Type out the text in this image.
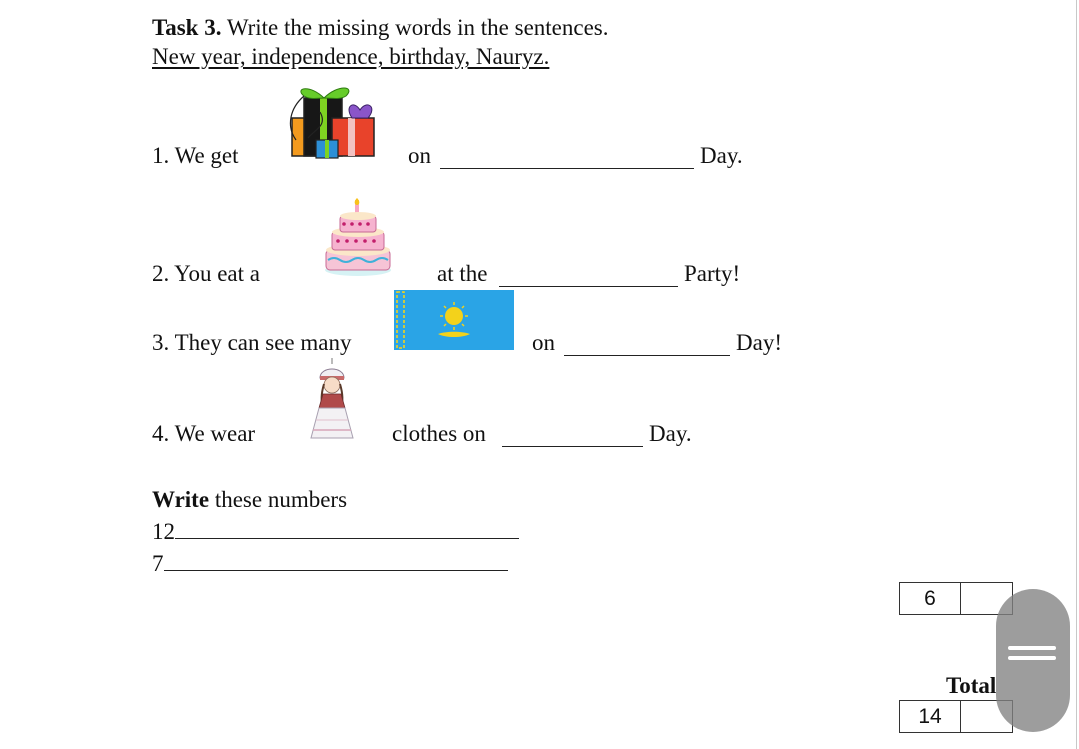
Task 3. Write the missing words in the sentences.
New year, independence, birthday, Nauryz.
1. We get	on	Day.
2. You eat a	at the	Party!
3. They can see many	on	Day!
4. We wear	clothes on	Day.
Write these numbers
12
7
6
Total
14
